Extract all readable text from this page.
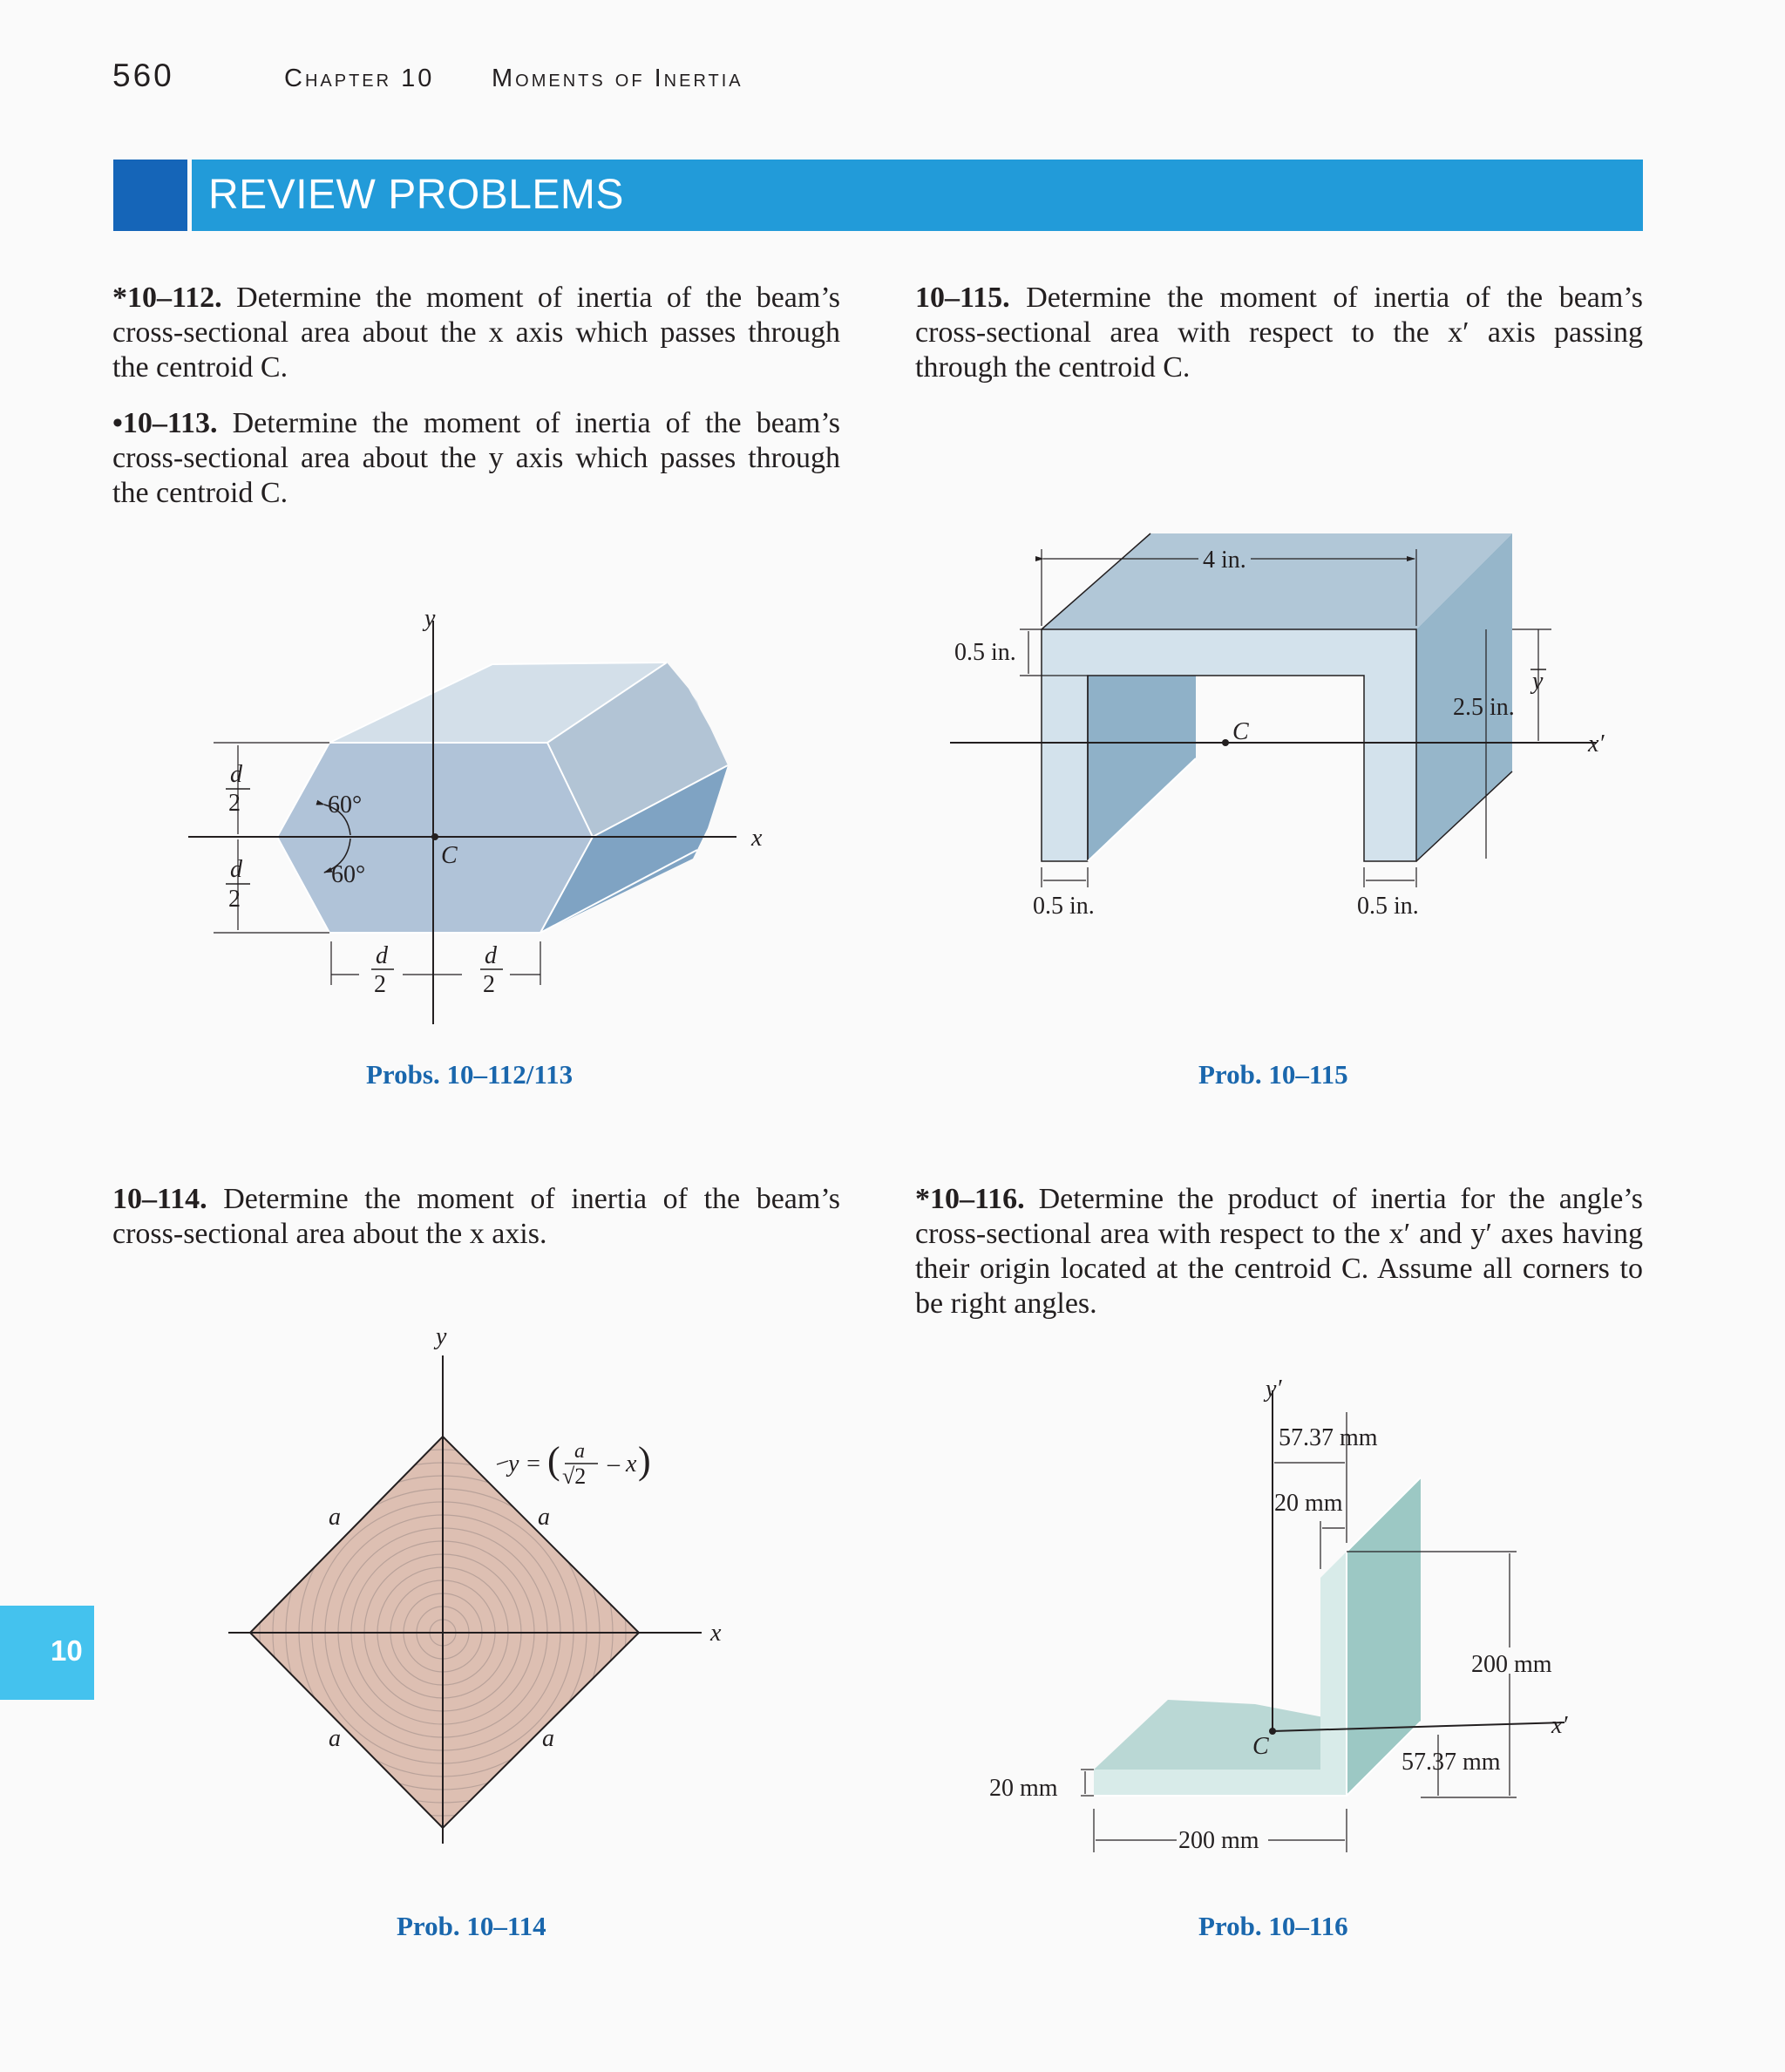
560	Chapter 10 Moments of Inertia
REVIEW PROBLEMS
10
*10–112. Determine the moment of inertia of the beam’s cross-sectional area about the x axis which passes through the centroid C.
•10–113. Determine the moment of inertia of the beam’s cross-sectional area about the y axis which passes through the centroid C.
10–114. Determine the moment of inertia of the beam’s cross-sectional area about the x axis.
10–115. Determine the moment of inertia of the beam’s cross-sectional area with respect to the x′ axis passing through the centroid C.
*10–116. Determine the product of inertia for the angle’s cross-sectional area with respect to the x′ and y′ axes having their origin located at the centroid C. Assume all corners to be right angles.
y
x
C
60°
60°
d
2
d
2
d
2
d
2
Probs. 10–112/113
C	x′
4 in.
0.5 in.
2.5 in.
y
0.5 in.	0.5 in.
Prob. 10–115
y
x
a	a
a	a
y = ( a
√2 – x )
Prob. 10–114
y′
x′
C
57.37 mm
20 mm
200 mm
57.37 mm
20 mm
200 mm
Prob. 10–116
